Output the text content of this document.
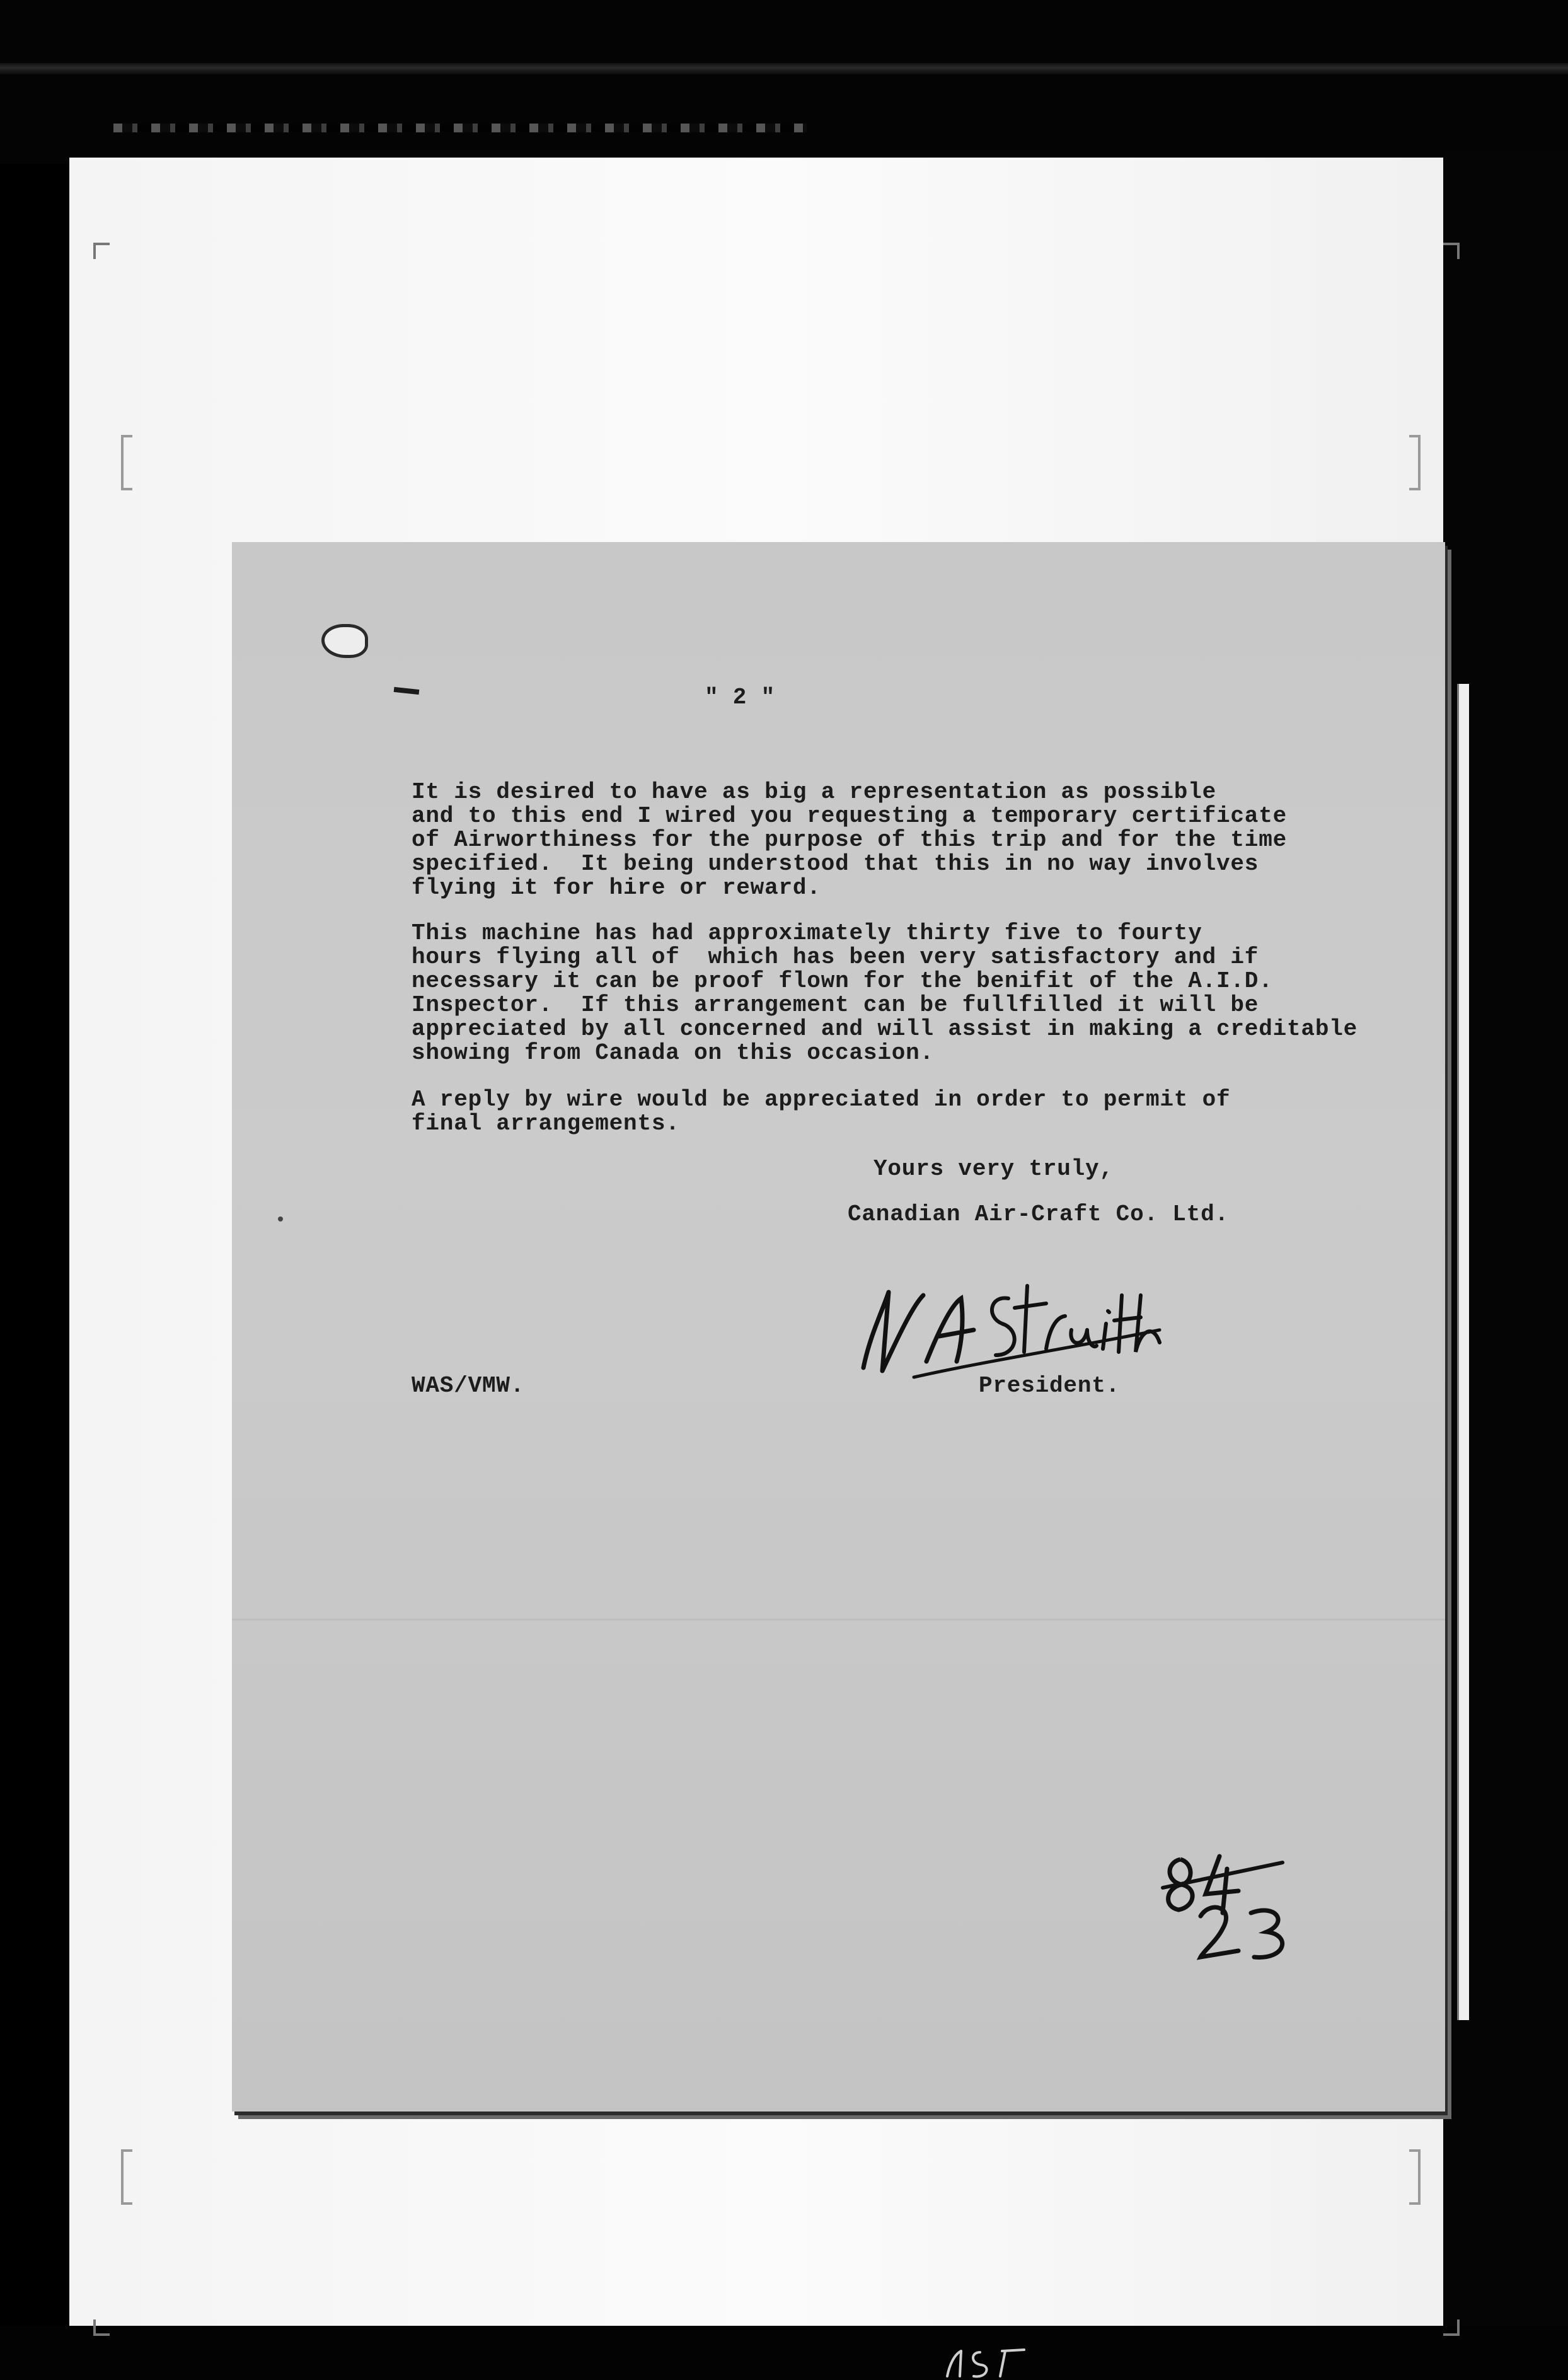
" 2 "
It is desired to have as big a representation as possible
and to this end I wired you requesting a temporary certificate
of Airworthiness for the purpose of this trip and for the time
specified.  It being understood that this in no way involves
flying it for hire or reward.
This machine has had approximately thirty five to fourty
hours flying all of  which has been very satisfactory and if
necessary it can be proof flown for the benifit of the A.I.D.
Inspector.  If this arrangement can be fullfilled it will be
appreciated by all concerned and will assist in making a creditable
showing from Canada on this occasion.
A reply by wire would be appreciated in order to permit of
final arrangements.
Yours very truly,
Canadian Air-Craft Co. Ltd.
WAS/VMW.	President.
